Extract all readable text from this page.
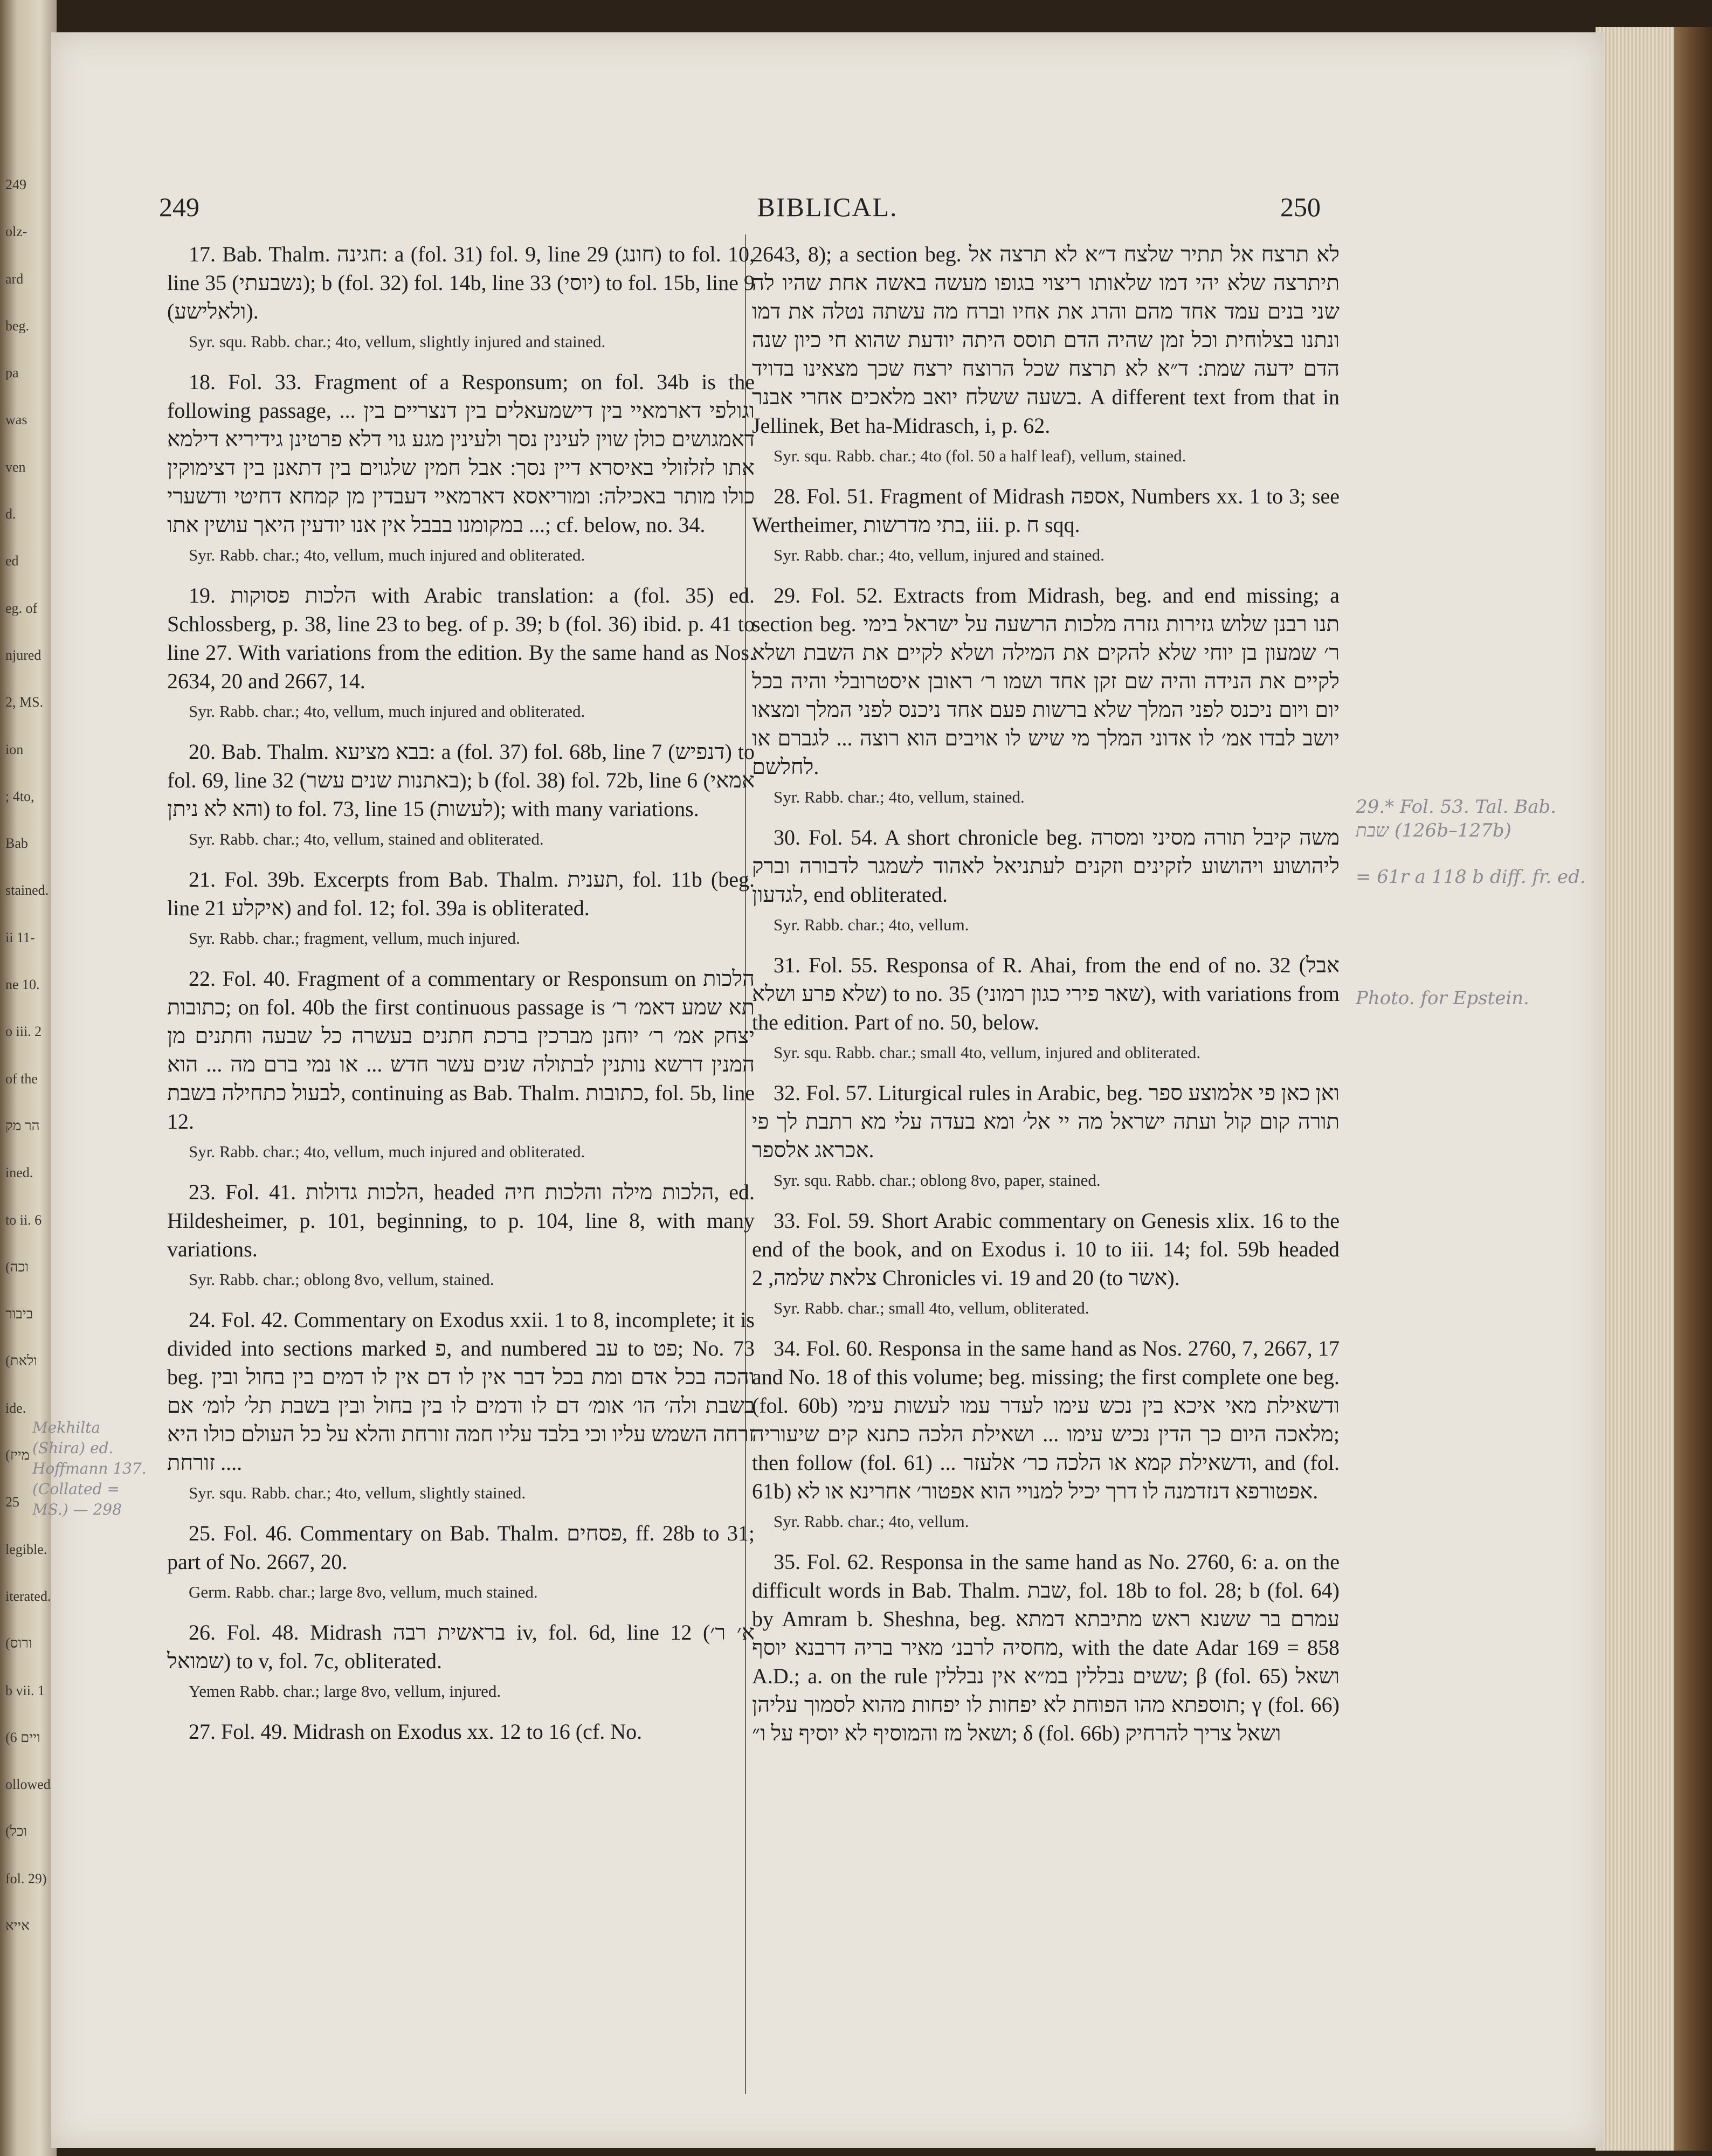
249
olz-
ard
beg.
pa
was
ven
d.
ed
eg. of
njured
2, MS.
ion
; 4to,
Bab
stained.
ii 11-
ne 10.
o iii. 2
of the
הר מק
ined.
to ii. 6
(וכה
ביבור
(ולאת
ide.
(מייז
25
legible.
iterated.
(ורוס
b vii. 1
(ויים 6
ollowed
(וכל
fol. 29)
אייא
249	BIBLICAL.	250
17. Bab. Thalm. חגינה: a (fol. 31) fol. 9, line 29 (חונג) to fol. 10, line 35 (נשבעתי); b (fol. 32) fol. 14b, line 33 (יוסי) to fol. 15b, line 9 (ולאלישע).
Syr. squ. Rabb. char.; 4to, vellum, slightly injured and stained.
18. Fol. 33. Fragment of a Responsum; on fol. 34b is the following passage, ... וגולפי דארמאיי בין דישמעאלים בין דנצריים בין דאמגושים כולן שוין לעינין נסך ולעינין מגע גוי דלא פרטינן גידיריא דילמא אתו לזלזולי באיסרא דיין נסך: אבל חמין שלגוים בין דתאנן בין דצימוקין כולו מותר באכילה: ומוריאסא דארמאיי דעבדין מן קמחא דחיטי ודשערי ... במקומנו בבבל אין אנו יודעין היאך עושין אתו; cf. below, no. 34.
Syr. Rabb. char.; 4to, vellum, much injured and obliterated.
19. הלכות פסוקות with Arabic translation: a (fol. 35) ed. Schlossberg, p. 38, line 23 to beg. of p. 39; b (fol. 36) ibid. p. 41 to line 27. With variations from the edition. By the same hand as Nos. 2634, 20 and 2667, 14.
Syr. Rabb. char.; 4to, vellum, much injured and obliterated.
20. Bab. Thalm. בבא מציעא: a (fol. 37) fol. 68b, line 7 (דנפיש) to fol. 69, line 32 (באתנות שנים עשר); b (fol. 38) fol. 72b, line 6 (אמאי והא לא ניתן) to fol. 73, line 15 (לעשות); with many variations.
Syr. Rabb. char.; 4to, vellum, stained and obliterated.
21. Fol. 39b. Excerpts from Bab. Thalm. תענית, fol. 11b (beg. line 21 איקלע) and fol. 12; fol. 39a is obliterated.
Syr. Rabb. char.; fragment, vellum, much injured.
22. Fol. 40. Fragment of a commentary or Responsum on הלכות כתובות; on fol. 40b the first continuous passage is תא שמע דאמ׳ ר׳ יצחק אמ׳ ר׳ יוחנן מברכין ברכת חתנים בעשרה כל שבעה וחתנים מן המנין דרשא נותנין לבתולה שנים עשר חדש ... או נמי ברם מה ... הוא לבעול כתחילה בשבת, continuing as Bab. Thalm. כתובות, fol. 5b, line 12.
Syr. Rabb. char.; 4to, vellum, much injured and obliterated.
23. Fol. 41. הלכות גדולות, headed הלכות מילה והלכות חיה, ed. Hildesheimer, p. 101, beginning, to p. 104, line 8, with many variations.
Syr. Rabb. char.; oblong 8vo, vellum, stained.
24. Fol. 42. Commentary on Exodus xxii. 1 to 8, incomplete; it is divided into sections marked פ, and numbered עב to פט; No. 73 beg. והכה בכל אדם ומת בכל דבר אין לו דם אין לו דמים בין בחול ובין בשבת ולה׳ הו׳ אומ׳ דם לו ודמים לו בין בחול ובין בשבת תל׳ לומ׳ אם זרחה השמש עליו וכי בלבד עליו חמה זורחת והלא על כל העולם כולו היא ... זורחת.
Syr. squ. Rabb. char.; 4to, vellum, slightly stained.
25. Fol. 46. Commentary on Bab. Thalm. פסחים, ff. 28b to 31; part of No. 2667, 20.
Germ. Rabb. char.; large 8vo, vellum, much stained.
26. Fol. 48. Midrash בראשית רבה iv, fol. 6d, line 12 (א׳ ר׳ שמואל) to v, fol. 7c, obliterated.
Yemen Rabb. char.; large 8vo, vellum, injured.
27. Fol. 49. Midrash on Exodus xx. 12 to 16 (cf. No.
2643, 8); a section beg. לא תרצח אל תתיר שלצח ד״א לא תרצה אל תיתרצה שלא יהי דמו שלאותו ריצוי בגופו מעשה באשה אחת שהיו לה שני בנים עמד אחד מהם והרג את אחיו וברח מה עשתה נטלה את דמו ונתנו בצלוחית וכל זמן שהיה הדם תוסס היתה יודעת שהוא חי כיון שנה הדם ידעה שמת: ד״א לא תרצח שכל הרוצח ירצח שכך מצאינו בדויד בשעה ששלח יואב מלאכים אחרי אבנר. A different text from that in Jellinek, Bet ha-Midrasch, i, p. 62.
Syr. squ. Rabb. char.; 4to (fol. 50 a half leaf), vellum, stained.
28. Fol. 51. Fragment of Midrash אספה, Numbers xx. 1 to 3; see Wertheimer, בתי מדרשות, iii. p. ח sqq.
Syr. Rabb. char.; 4to, vellum, injured and stained.
29. Fol. 52. Extracts from Midrash, beg. and end missing; a section beg. תנו רבנן שלוש גזירות גזרה מלכות הרשעה על ישראל בימי ר׳ שמעון בן יוחי שלא להקים את המילה ושלא לקיים את השבת ושלא לקיים את הנידה והיה שם זקן אחד ושמו ר׳ ראובן איסטרובלי והיה בכל יום ויום ניכנס לפני המלך שלא ברשות פעם אחד ניכנס לפני המלך ומצאו יושב לבדו אמ׳ לו אדוני המלך מי שיש לו אויבים הוא רוצה ... לגברם או לחלשם.
Syr. Rabb. char.; 4to, vellum, stained.
30. Fol. 54. A short chronicle beg. משה קיבל תורה מסיני ומסרה ליהושוע ויהושוע לזקינים וזקנים לעתניאל לאהוד לשמגר לדבורה וברק לגדעון, end obliterated.
Syr. Rabb. char.; 4to, vellum.
31. Fol. 55. Responsa of R. Ahai, from the end of no. 32 (אבל שלא פרע ושלא) to no. 35 (שאר פירי כגון רמוני), with variations from the edition. Part of no. 50, below.
Syr. squ. Rabb. char.; small 4to, vellum, injured and obliterated.
32. Fol. 57. Liturgical rules in Arabic, beg. ואן כאן פי אלמוצע ספר תורה קום קול ועתה ישראל מה יי אל׳ ומא בעדה עלי מא רתבת לך פי אכראג אלספר.
Syr. squ. Rabb. char.; oblong 8vo, paper, stained.
33. Fol. 59. Short Arabic commentary on Genesis xlix. 16 to the end of the book, and on Exodus i. 10 to iii. 14; fol. 59b headed צלאת שלמה, 2 Chronicles vi. 19 and 20 (to אשר).
Syr. Rabb. char.; small 4to, vellum, obliterated.
34. Fol. 60. Responsa in the same hand as Nos. 2760, 7, 2667, 17 and No. 18 of this volume; beg. missing; the first complete one beg. (fol. 60b) ודשאילת מאי איכא בין נכש עימו לעדר עמו לעשות עימי מלאכה היום כך הדין נכיש עימו ... ושאילת הלכה כתנא קים שיעוריה; then follow (fol. 61) ... ודשאילת קמא או הלכה כר׳ אלעזר, and (fol. 61b) אפטורפא דנזדמנה לו דרך יכיל למנויי הוא אפטור׳ אחרינא או לא.
Syr. Rabb. char.; 4to, vellum.
35. Fol. 62. Responsa in the same hand as No. 2760, 6: a. on the difficult words in Bab. Thalm. שבת, fol. 18b to fol. 28; b (fol. 64) by Amram b. Sheshna, beg. עמרם בר ששנא ראש מתיבתא דמתא מחסיה לרבנ׳ מאיר בריה דרבנא יוסף, with the date Adar 169 = 858 A.D.; a. on the rule ששים נבללין במ״א אין נבללין; β (fol. 65) ושאל תוספתא מהו הפוחת לא יפחות לו יפחות מהוא לסמוך עליהן; γ (fol. 66) ושאל מז והמוסיף לא יוסיף על ו״; δ (fol. 66b) ושאל צריך להרחיק
29.* Fol. 53. Tal. Bab. שבת (126b–127b)
= 61r a 118 b diff. fr. ed.
Photo. for Epstein.
Mekhilta (Shira) ed. Hoffmann 137. (Collated = MS.) — 298
